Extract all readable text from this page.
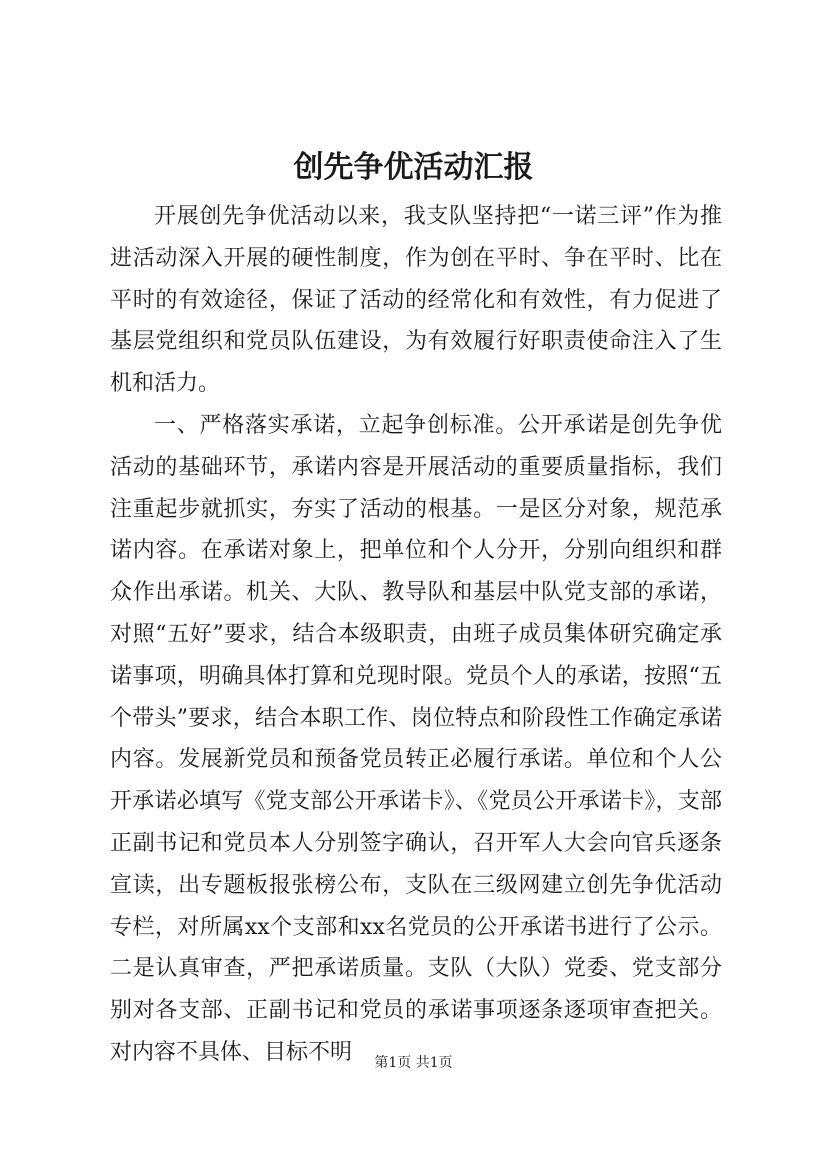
创先争优活动汇报

开展创先争优活动以来，我支队坚持把“一诺三评”作为推进活动深入开展的硬性制度，作为创在平时、争在平时、比在平时的有效途径，保证了活动的经常化和有效性，有力促进了基层党组织和党员队伍建设，为有效履行好职责使命注入了生机和活力。

一、严格落实承诺，立起争创标准。公开承诺是创先争优活动的基础环节，承诺内容是开展活动的重要质量指标，我们注重起步就抓实，夯实了活动的根基。一是区分对象，规范承诺内容。在承诺对象上，把单位和个人分开，分别向组织和群众作出承诺。机关、大队、教导队和基层中队党支部的承诺，对照“五好”要求，结合本级职责，由班子成员集体研究确定承诺事项，明确具体打算和兑现时限。党员个人的承诺，按照“五个带头”要求，结合本职工作、岗位特点和阶段性工作确定承诺内容。发展新党员和预备党员转正必履行承诺。单位和个人公开承诺必填写《党支部公开承诺卡》、《党员公开承诺卡》，支部正副书记和党员本人分别签字确认，召开军人大会向官兵逐条宣读，出专题板报张榜公布，支队在三级网建立创先争优活动专栏，对所属xx个支部和xx名党员的公开承诺书进行了公示。二是认真审查，严把承诺质量。支队（大队）党委、党支部分别对各支部、正副书记和党员的承诺事项逐条逐项审查把关。对内容不具体、目标不明	第1页 共1页
